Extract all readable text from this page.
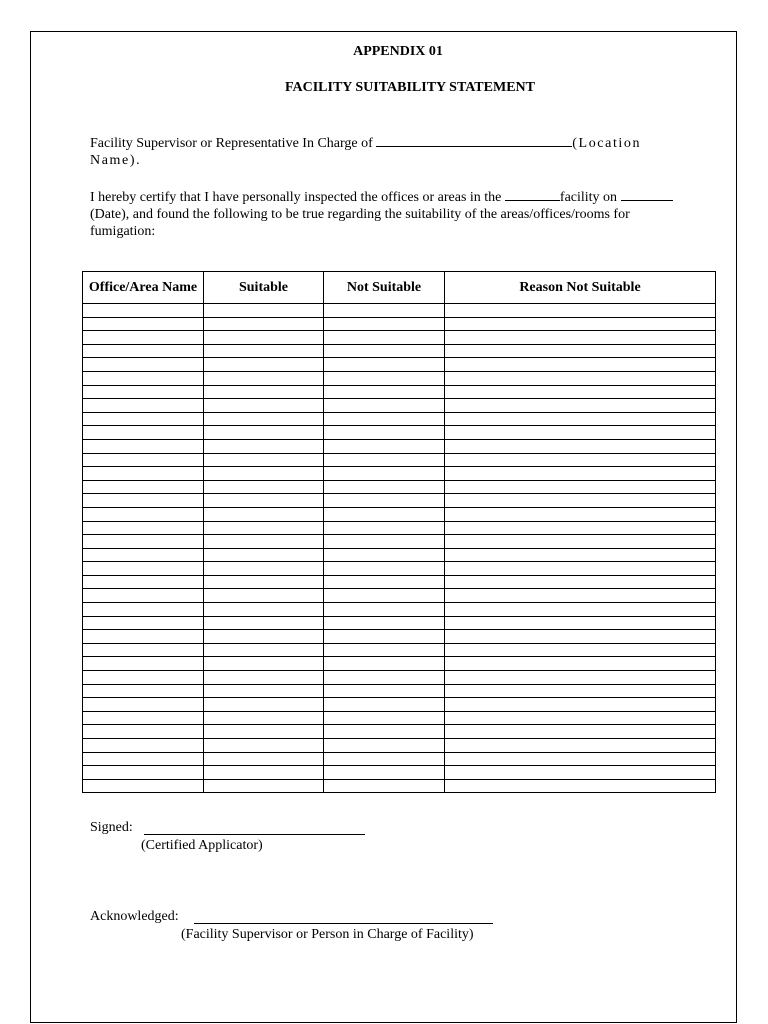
APPENDIX 01
FACILITY SUITABILITY STATEMENT
Facility Supervisor or Representative In Charge of	(Location Name).
I hereby certify that I have personally inspected the offices or areas in the	facility on (Date), and found the following to be true regarding the suitability of the areas/offices/rooms for fumigation:
Office/Area Name	Suitable	Not Suitable	Reason Not Suitable

Signed:
(Certified Applicator)
Acknowledged:
(Facility Supervisor or Person in Charge of Facility)
